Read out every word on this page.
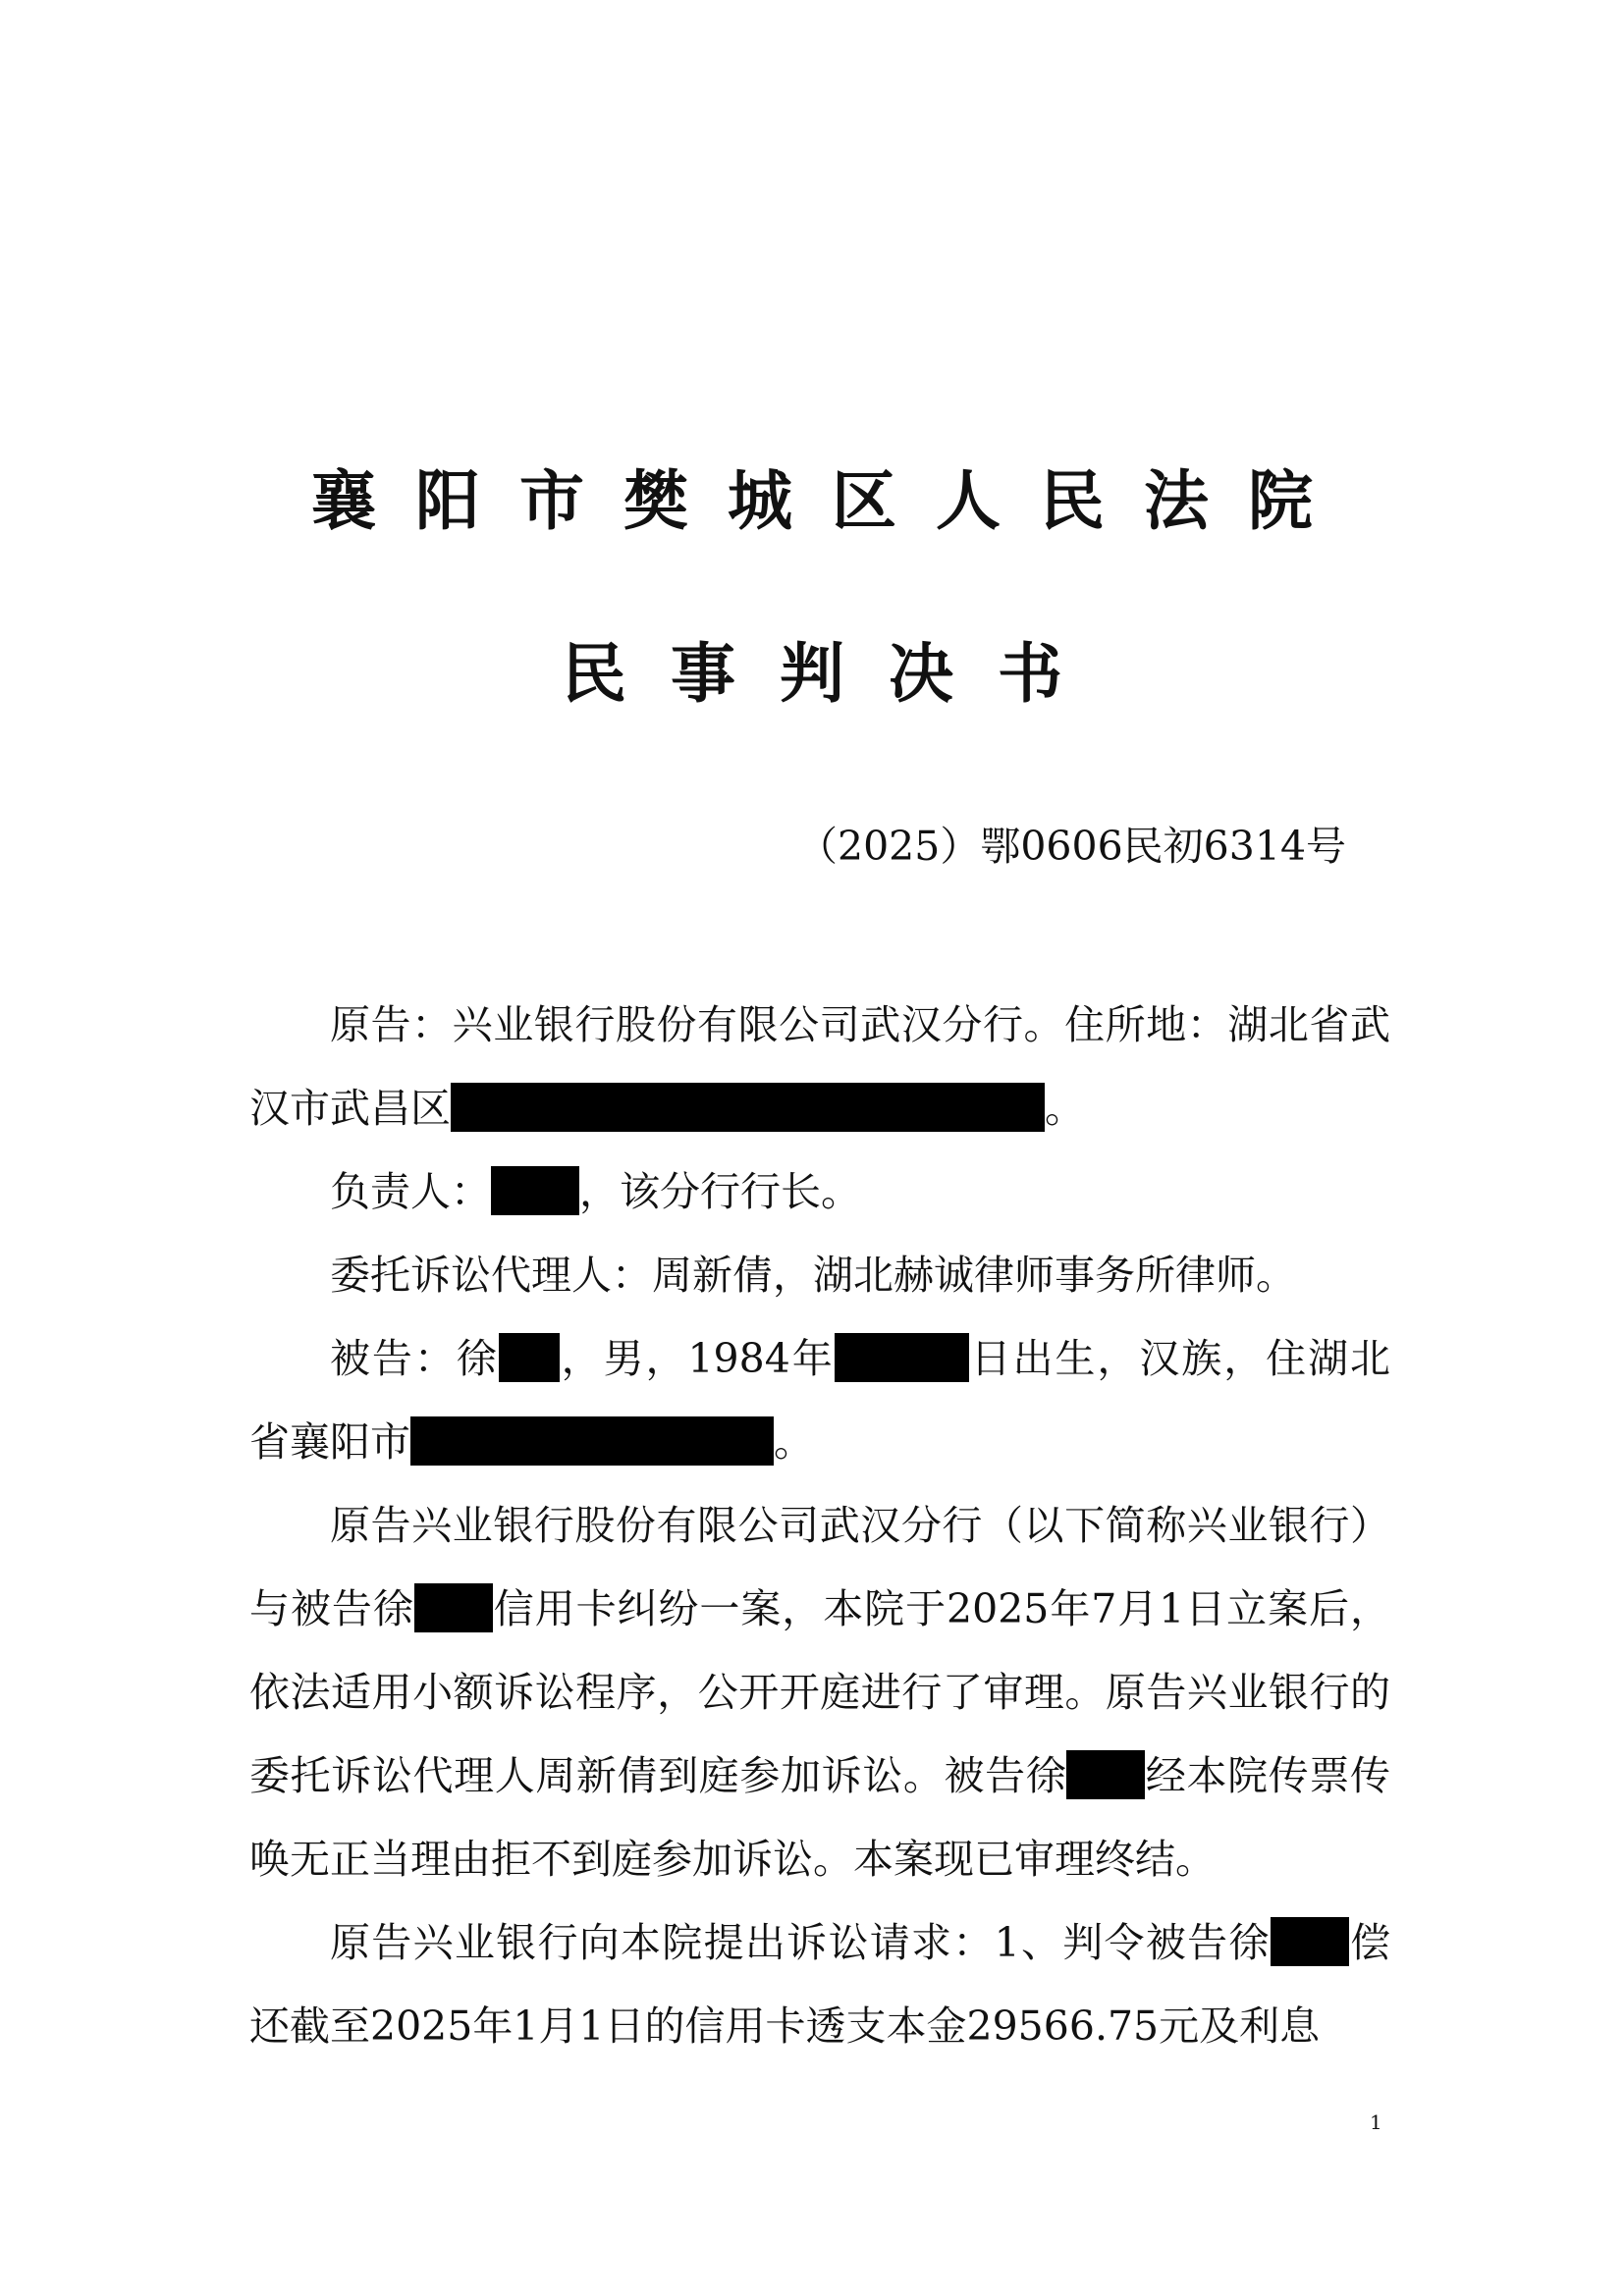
襄阳市樊城区人民法院
民事判决书
（2025）鄂0606民初6314号

原告：兴业银行股份有限公司武汉分行。住所地：湖北省武汉市武昌区	。

负责人： ，该分行行长。

委托诉讼代理人：周新倩，湖北赫诚律师事务所律师。

被告：徐 ，男，1984年	日出生，汉族，住湖北省襄阳市	。

原告兴业银行股份有限公司武汉分行（以下简称兴业银行）与被告徐 信用卡纠纷一案，本院于2025年7月1日立案后，依法适用小额诉讼程序，公开开庭进行了审理。原告兴业银行的委托诉讼代理人周新倩到庭参加诉讼。被告徐 经本院传票传唤无正当理由拒不到庭参加诉讼。本案现已审理终结。

原告兴业银行向本院提出诉讼请求：1、判令被告徐 偿还截至2025年1月1日的信用卡透支本金29566.75元及利息

1
